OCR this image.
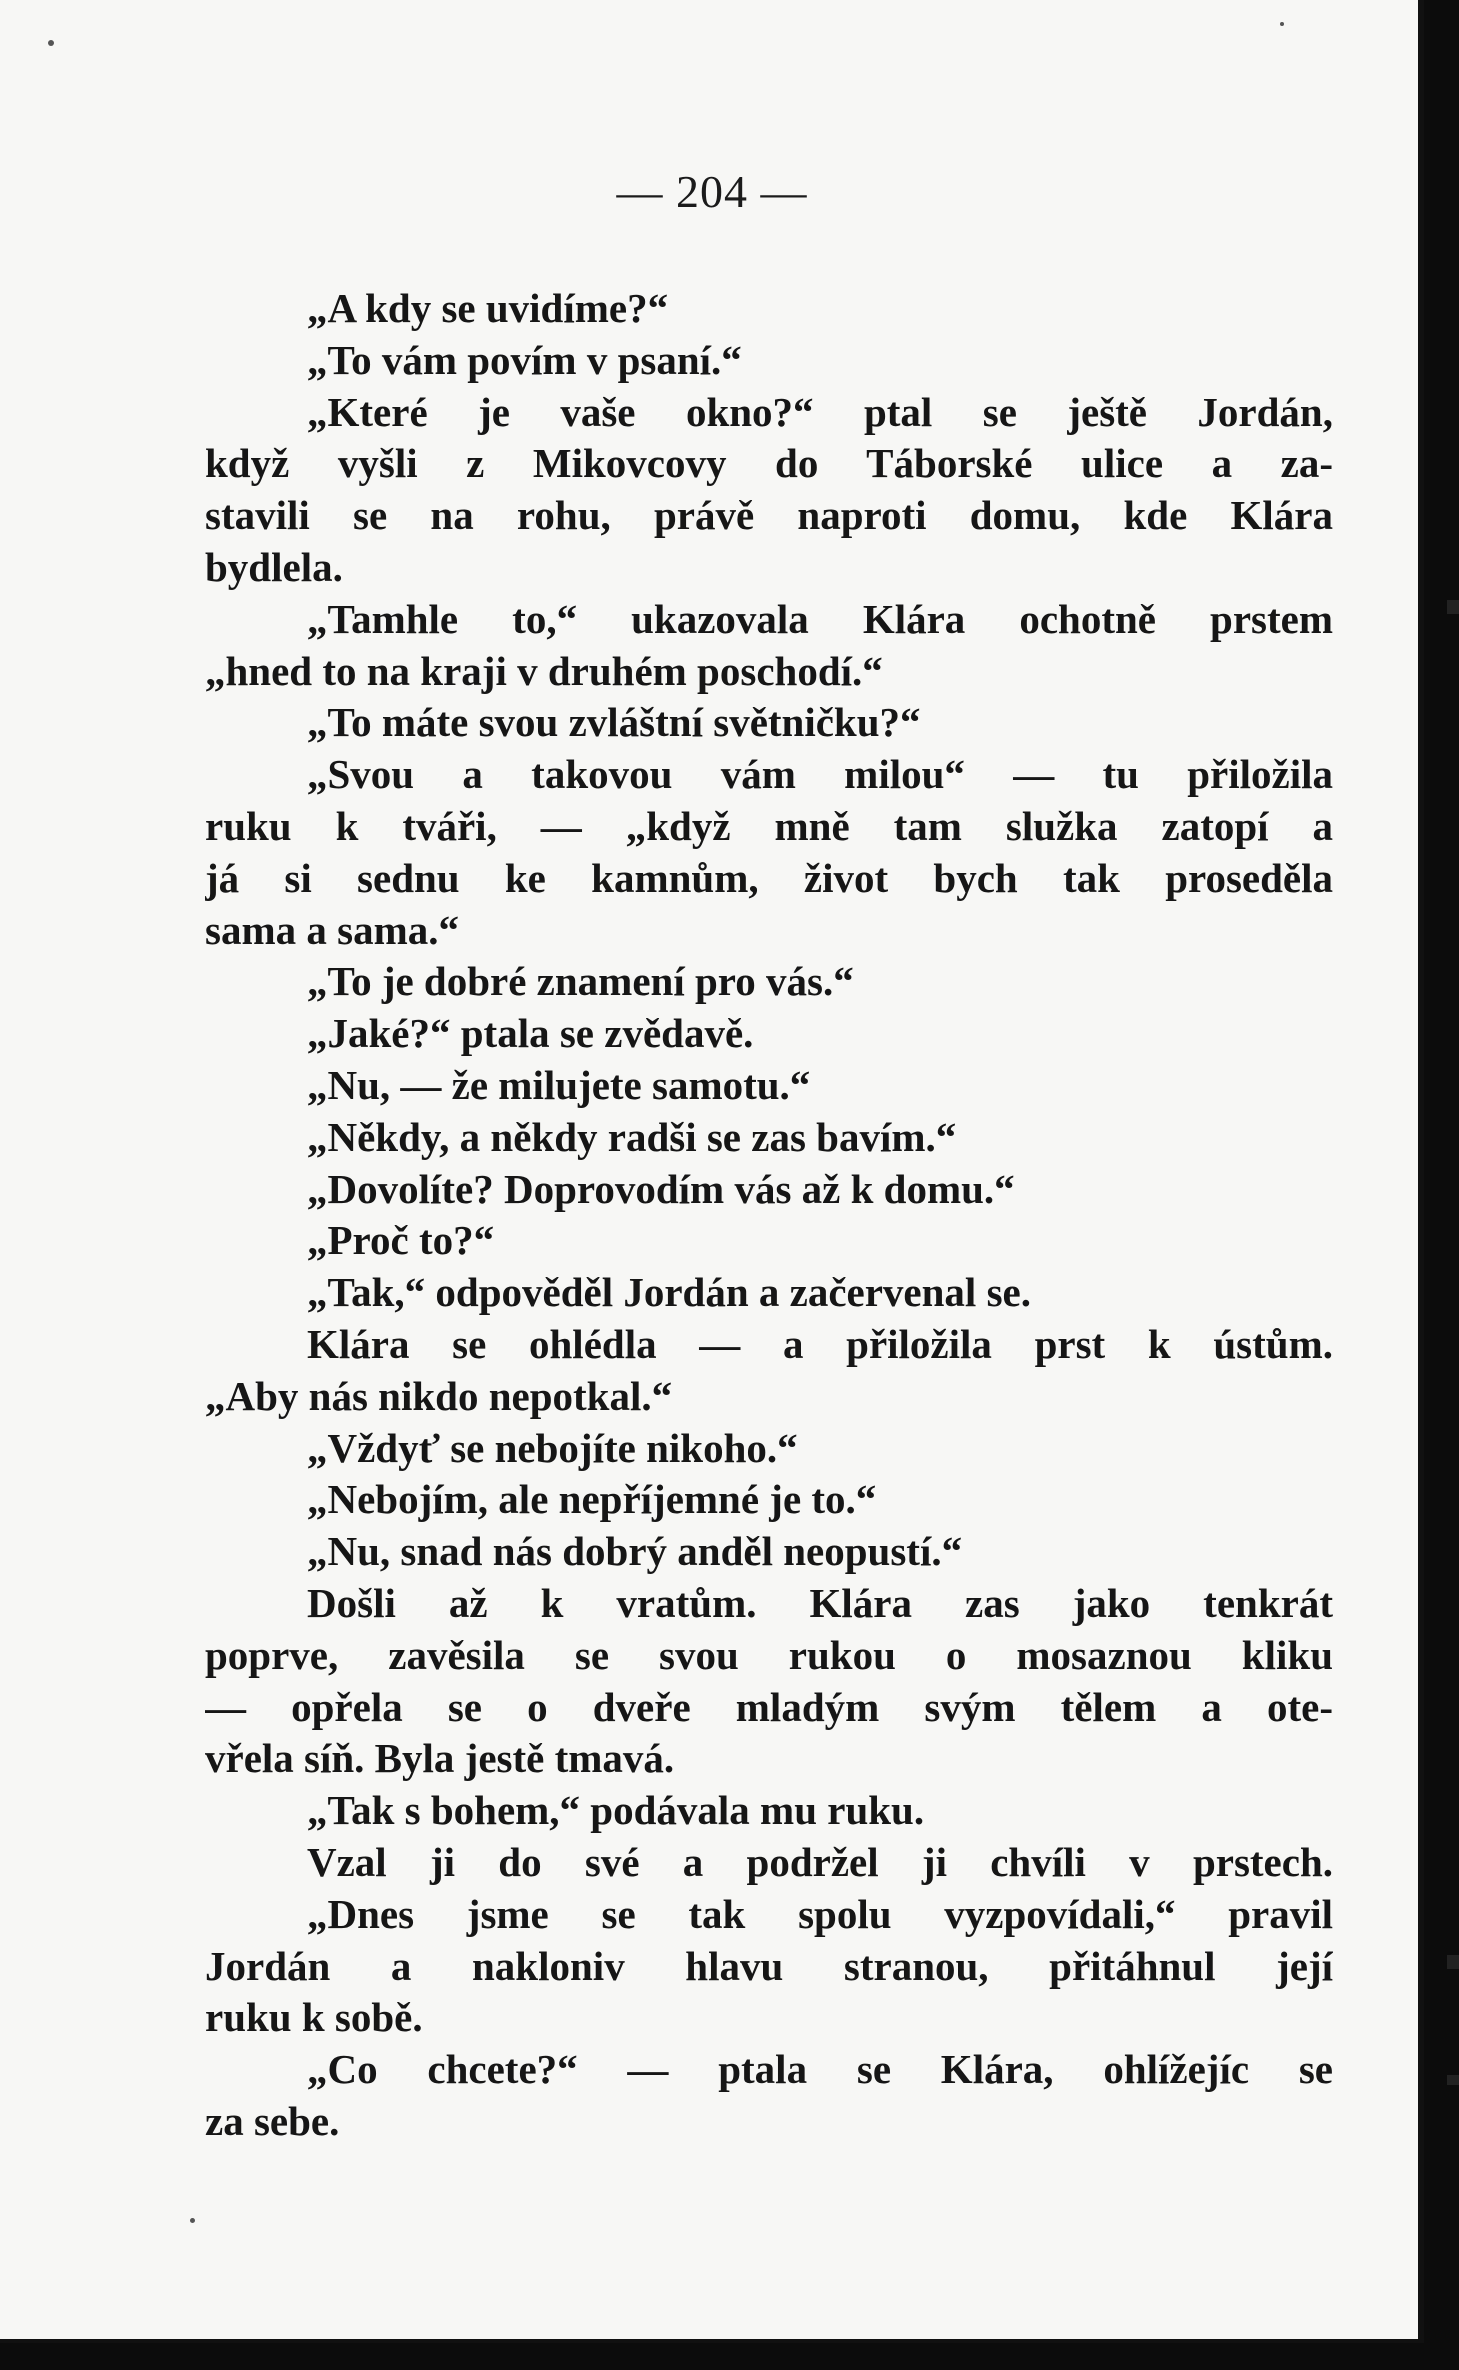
— 204 —
„A kdy se uvidíme?“
„To vám povím v psaní.“
„Které je vaše okno?“ ptal se ještě Jordán,
když vyšli z Mikovcovy do Táborské ulice a za-
stavili se na rohu, právě naproti domu, kde Klára
bydlela.
„Tamhle to,“ ukazovala Klára ochotně prstem
„hned to na kraji v druhém poschodí.“
„To máte svou zvláštní světničku?“
„Svou a takovou vám milou“ — tu přiložila
ruku k tváři, — „když mně tam služka zatopí a
já si sednu ke kamnům, život bych tak proseděla
sama a sama.“
„To je dobré znamení pro vás.“
„Jaké?“ ptala se zvědavě.
„Nu, — že milujete samotu.“
„Někdy, a někdy radši se zas bavím.“
„Dovolíte? Doprovodím vás až k domu.“
„Proč to?“
„Tak,“ odpověděl Jordán a začervenal se.
Klára se ohlédla — a přiložila prst k ústům.
„Aby nás nikdo nepotkal.“
„Vždyť se nebojíte nikoho.“
„Nebojím, ale nepříjemné je to.“
„Nu, snad nás dobrý anděl neopustí.“
Došli až k vratům. Klára zas jako tenkrát
poprve, zavěsila se svou rukou o mosaznou kliku
— opřela se o dveře mladým svým tělem a ote-
vřela síň. Byla jestě tmavá.
„Tak s bohem,“ podávala mu ruku.
Vzal ji do své a podržel ji chvíli v prstech.
„Dnes jsme se tak spolu vyzpovídali,“ pravil
Jordán a nakloniv hlavu stranou, přitáhnul její
ruku k sobě.
„Co chcete?“ — ptala se Klára, ohlížejíc se
za sebe.
